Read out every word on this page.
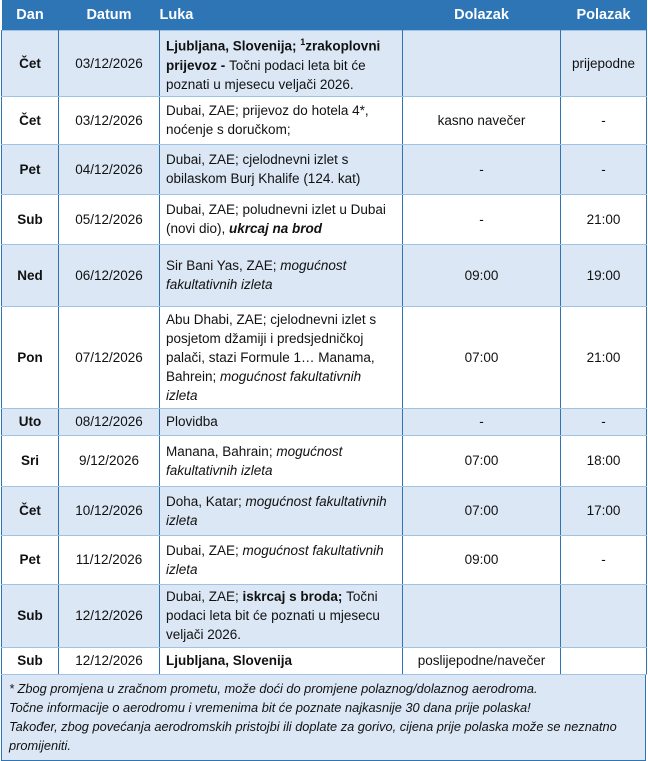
Dan	Datum	Luka	Dolazak	Polazak
Čet	03/12/2026	Ljubljana, Slovenija; $^1$zrakoplovni prijevoz - Točni podaci leta bit će poznati u mjesecu veljači 2026.		prijepodne
Čet	03/12/2026	Dubai, ZAE; prijevoz do hotela 4*, noćenje s doručkom;	kasno navečer	-
Pet	04/12/2026	Dubai, ZAE; cjelodnevni izlet s obilaskom Burj Khalife (124. kat)	-	-
Sub	05/12/2026	Dubai, ZAE; poludnevni izlet u Dubai (novi dio), ukrcaj na brod	-	21:00
Ned	06/12/2026	Sir Bani Yas, ZAE; mogućnost fakultativnih izleta	09:00	19:00
Pon	07/12/2026	Abu Dhabi, ZAE; cjelodnevni izlet s posjetom džamiji i predsjedničkoj palači, stazi Formule 1… Manama, Bahrein; mogućnost fakultativnih izleta	07:00	21:00
Uto	08/12/2026	Plovidba	-	-
Sri	9/12/2026	Manana, Bahrain; mogućnost fakultativnih izleta	07:00	18:00
Čet	10/12/2026	Doha, Katar; mogućnost fakultativnih izleta	07:00	17:00
Pet	11/12/2026	Dubai, ZAE; mogućnost fakultativnih izleta	09:00	-
Sub	12/12/2026	Dubai, ZAE; iskrcaj s broda; Točni podaci leta bit će poznati u mjesecu veljači 2026.		
Sub	12/12/2026	Ljubljana, Slovenija	poslijepodne/navečer	
* Zbog promjena u zračnom prometu, može doći do promjene polaznog/dolaznog aerodroma.
Točne informacije o aerodromu i vremenima bit će poznate najkasnije 30 dana prije polaska!
Također, zbog povećanja aerodromskih pristojbi ili doplate za gorivo, cijena prije polaska može se neznatno promijeniti.
